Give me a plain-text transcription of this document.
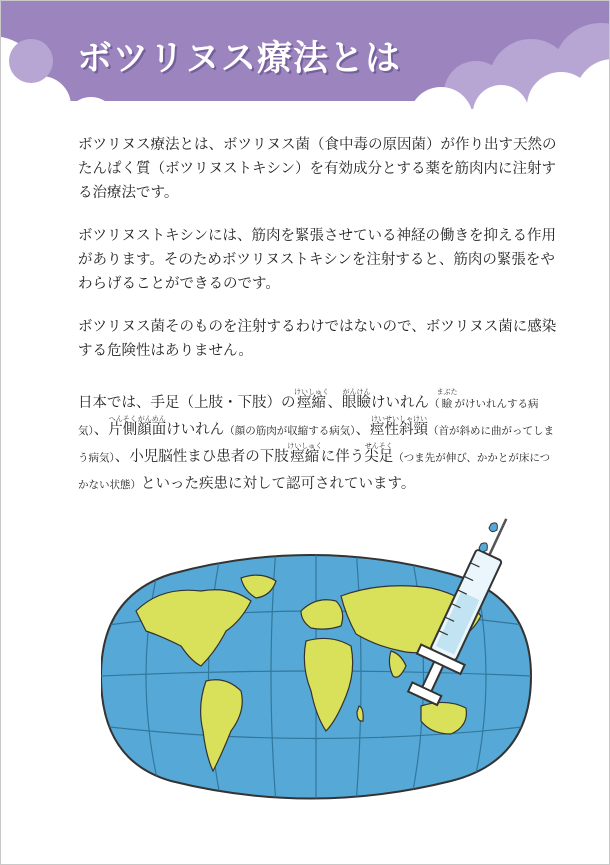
ボツリヌス療法とは

ボツリヌス療法とは、ボツリヌス菌（食中毒の原因菌）が作り出す天然のたんぱく質（ボツリヌストキシン）を有効成分とする薬を筋肉内に注射する治療法です。

ボツリヌストキシンには、筋肉を緊張させている神経の働きを抑える作用があります。そのためボツリヌストキシンを注射すると、筋肉の緊張をやわらげることができるのです。

ボツリヌス菌そのものを注射するわけではないので、ボツリヌス菌に感染する危険性はありません。

日本では、手足（上肢・下肢）の痙縮けいしゅく、眼瞼がんけんけいれん（瞼まぶたがけいれんする病気）、片側へんそく顔面がんめんけいれん（顔の筋肉が収縮する病気）、痙性斜頸けいせいしゃけい（首が斜めに曲がってしまう病気）、小児脳性まひ患者の下肢痙縮けいしゅくに伴う尖足せんそく（つま先が伸び、かかとが床につかない状態）といった疾患に対して認可されています。
